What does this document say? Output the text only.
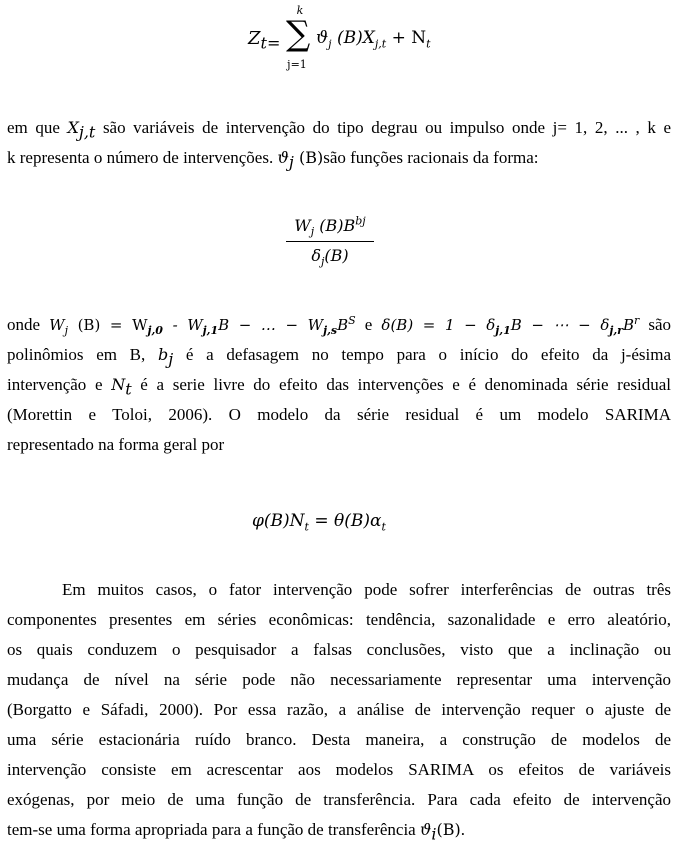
$Z_{t=}$
k
∑
j=1
$ϑ_j$ $(B)X_{j,t} + N_t$
em que $X_{j,t}$ são variáveis de intervenção do tipo degrau ou impulso onde j= 1, 2, ... , k e
k representa o número de intervenções. $ϑ_j$ (B)são funções racionais da forma:
$W_j$ $(B)B^{bj}$
$\delta_j(B)$
onde $W_j$ $(B) = W_{j,0} - W_{j,1}B$ − … − $W_{j,s}B^S$ e $\delta(B) = 1 - \delta_{j,1}B$ − ⋯ − $\delta_{j,r}B^r$ são
polinômios em B, $b_j$ é a defasagem no tempo para o início do efeito da j-ésima
intervenção e $N_t$ é a serie livre do efeito das intervenções e é denominada série residual
(Morettin e Toloi, 2006). O modelo da série residual é um modelo SARIMA
representado na forma geral por
$\varphi(B)N_t = \theta(B)\alpha_t$
Em muitos casos, o fator intervenção pode sofrer interferências de outras três
componentes presentes em séries econômicas: tendência, sazonalidade e erro aleatório,
os quais conduzem o pesquisador a falsas conclusões, visto que a inclinação ou
mudança de nível na série pode não necessariamente representar uma intervenção
(Borgatto e Sáfadi, 2000). Por essa razão, a análise de intervenção requer o ajuste de
uma série estacionária ruído branco. Desta maneira, a construção de modelos de
intervenção consiste em acrescentar aos modelos SARIMA os efeitos de variáveis
exógenas, por meio de uma função de transferência. Para cada efeito de intervenção
tem-se uma forma apropriada para a função de transferência $ϑ_i(B)$.
